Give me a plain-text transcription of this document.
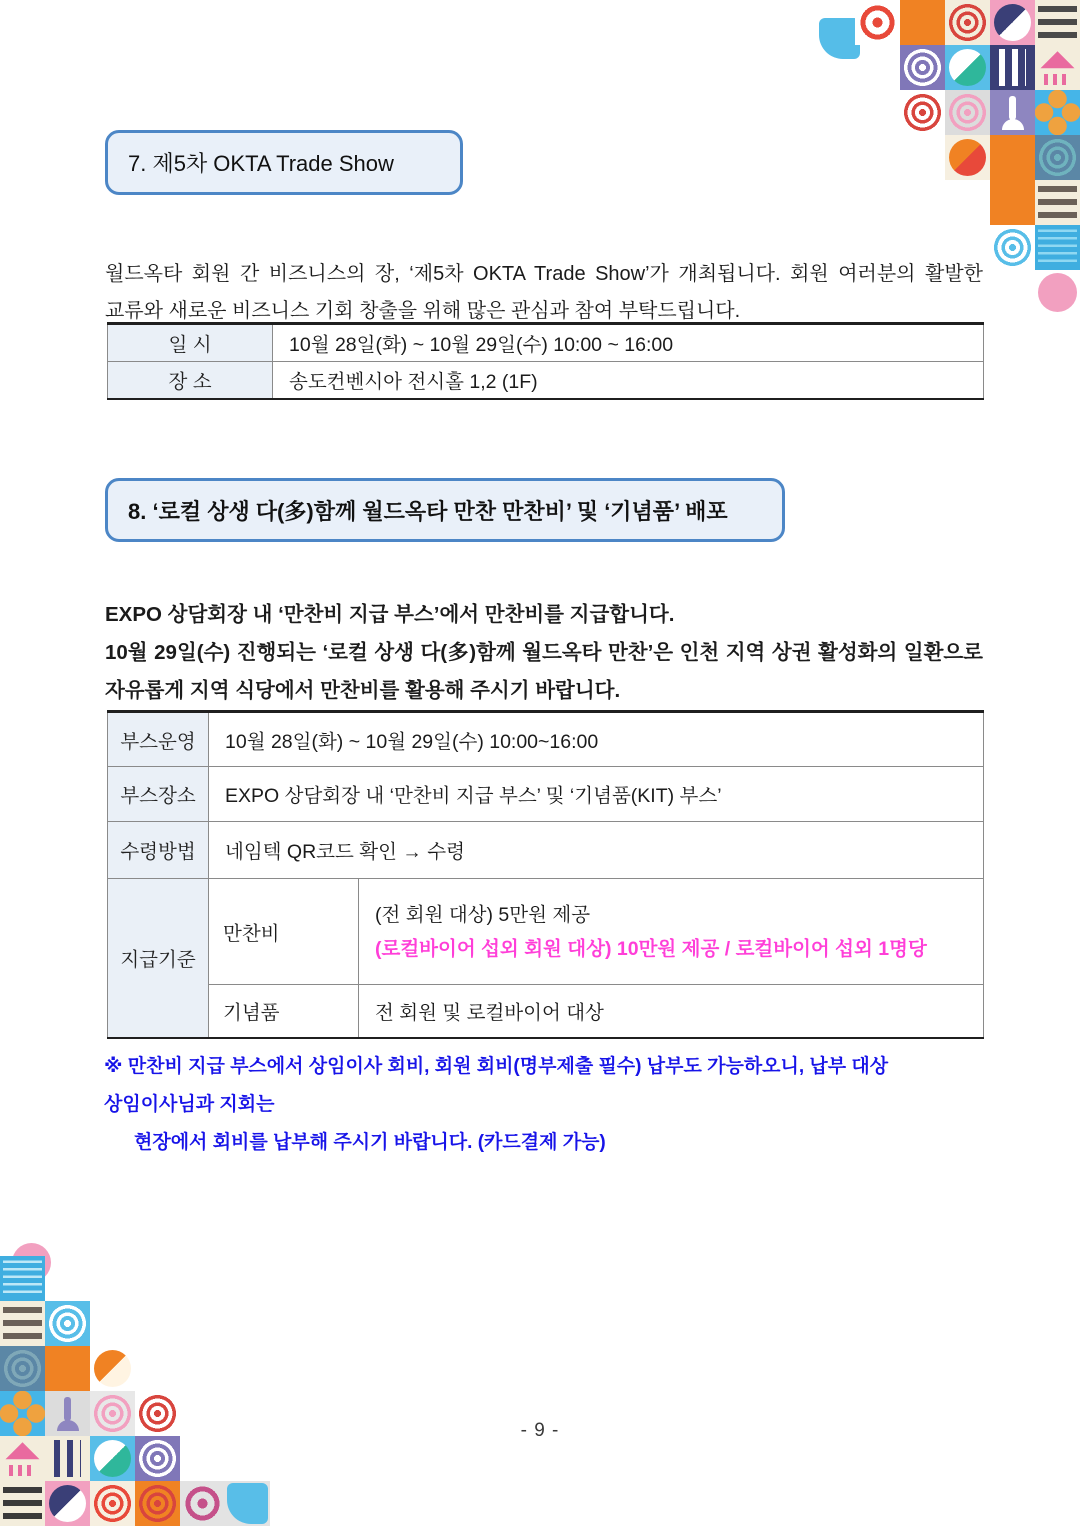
7. 제5차 OKTA Trade Show

월드옥타 회원 간 비즈니스의 장, ‘제5차 OKTA Trade Show’가 개최됩니다. 회원 여러분의 활발한 교류와 새로운 비즈니스 기회 창출을 위해 많은 관심과 참여 부탁드립니다.

일 시	10월 28일(화) ~ 10월 29일(수) 10:00 ~ 16:00
장 소	송도컨벤시아 전시홀 1,2 (1F)
8. ‘로컬 상생 다(多)함께 월드옥타 만찬 만찬비’ 및 ‘기념품’ 배포

EXPO 상담회장 내 ‘만찬비 지급 부스’에서 만찬비를 지급합니다.

10월 29일(수) 진행되는 ‘로컬 상생 다(多)함께 월드옥타 만찬’은 인천 지역 상권 활성화의 일환으로 자유롭게 지역 식당에서 만찬비를 활용해 주시기 바랍니다.

부스운영	10월 28일(화) ~ 10월 29일(수) 10:00~16:00	
부스장소	EXPO 상담회장 내 ‘만찬비 지급 부스’ 및 ‘기념품(KIT) 부스’	
수령방법	네임텍 QR코드 확인 → 수령	
지급기준	만찬비	(전 회원 대상) 5만원 제공
(로컬바이어 섭외 회원 대상) 10만원 제공 / 로컬바이어 섭외 1명당

	기념품	전 회원 및 로컬바이어 대상
※ 만찬비 지급 부스에서 상임이사 회비, 회원 회비(명부제출 필수) 납부도 가능하오니, 납부 대상 상임이사님과 지회는
현장에서 회비를 납부해 주시기 바랍니다. (카드결제 가능)
- 9 -
